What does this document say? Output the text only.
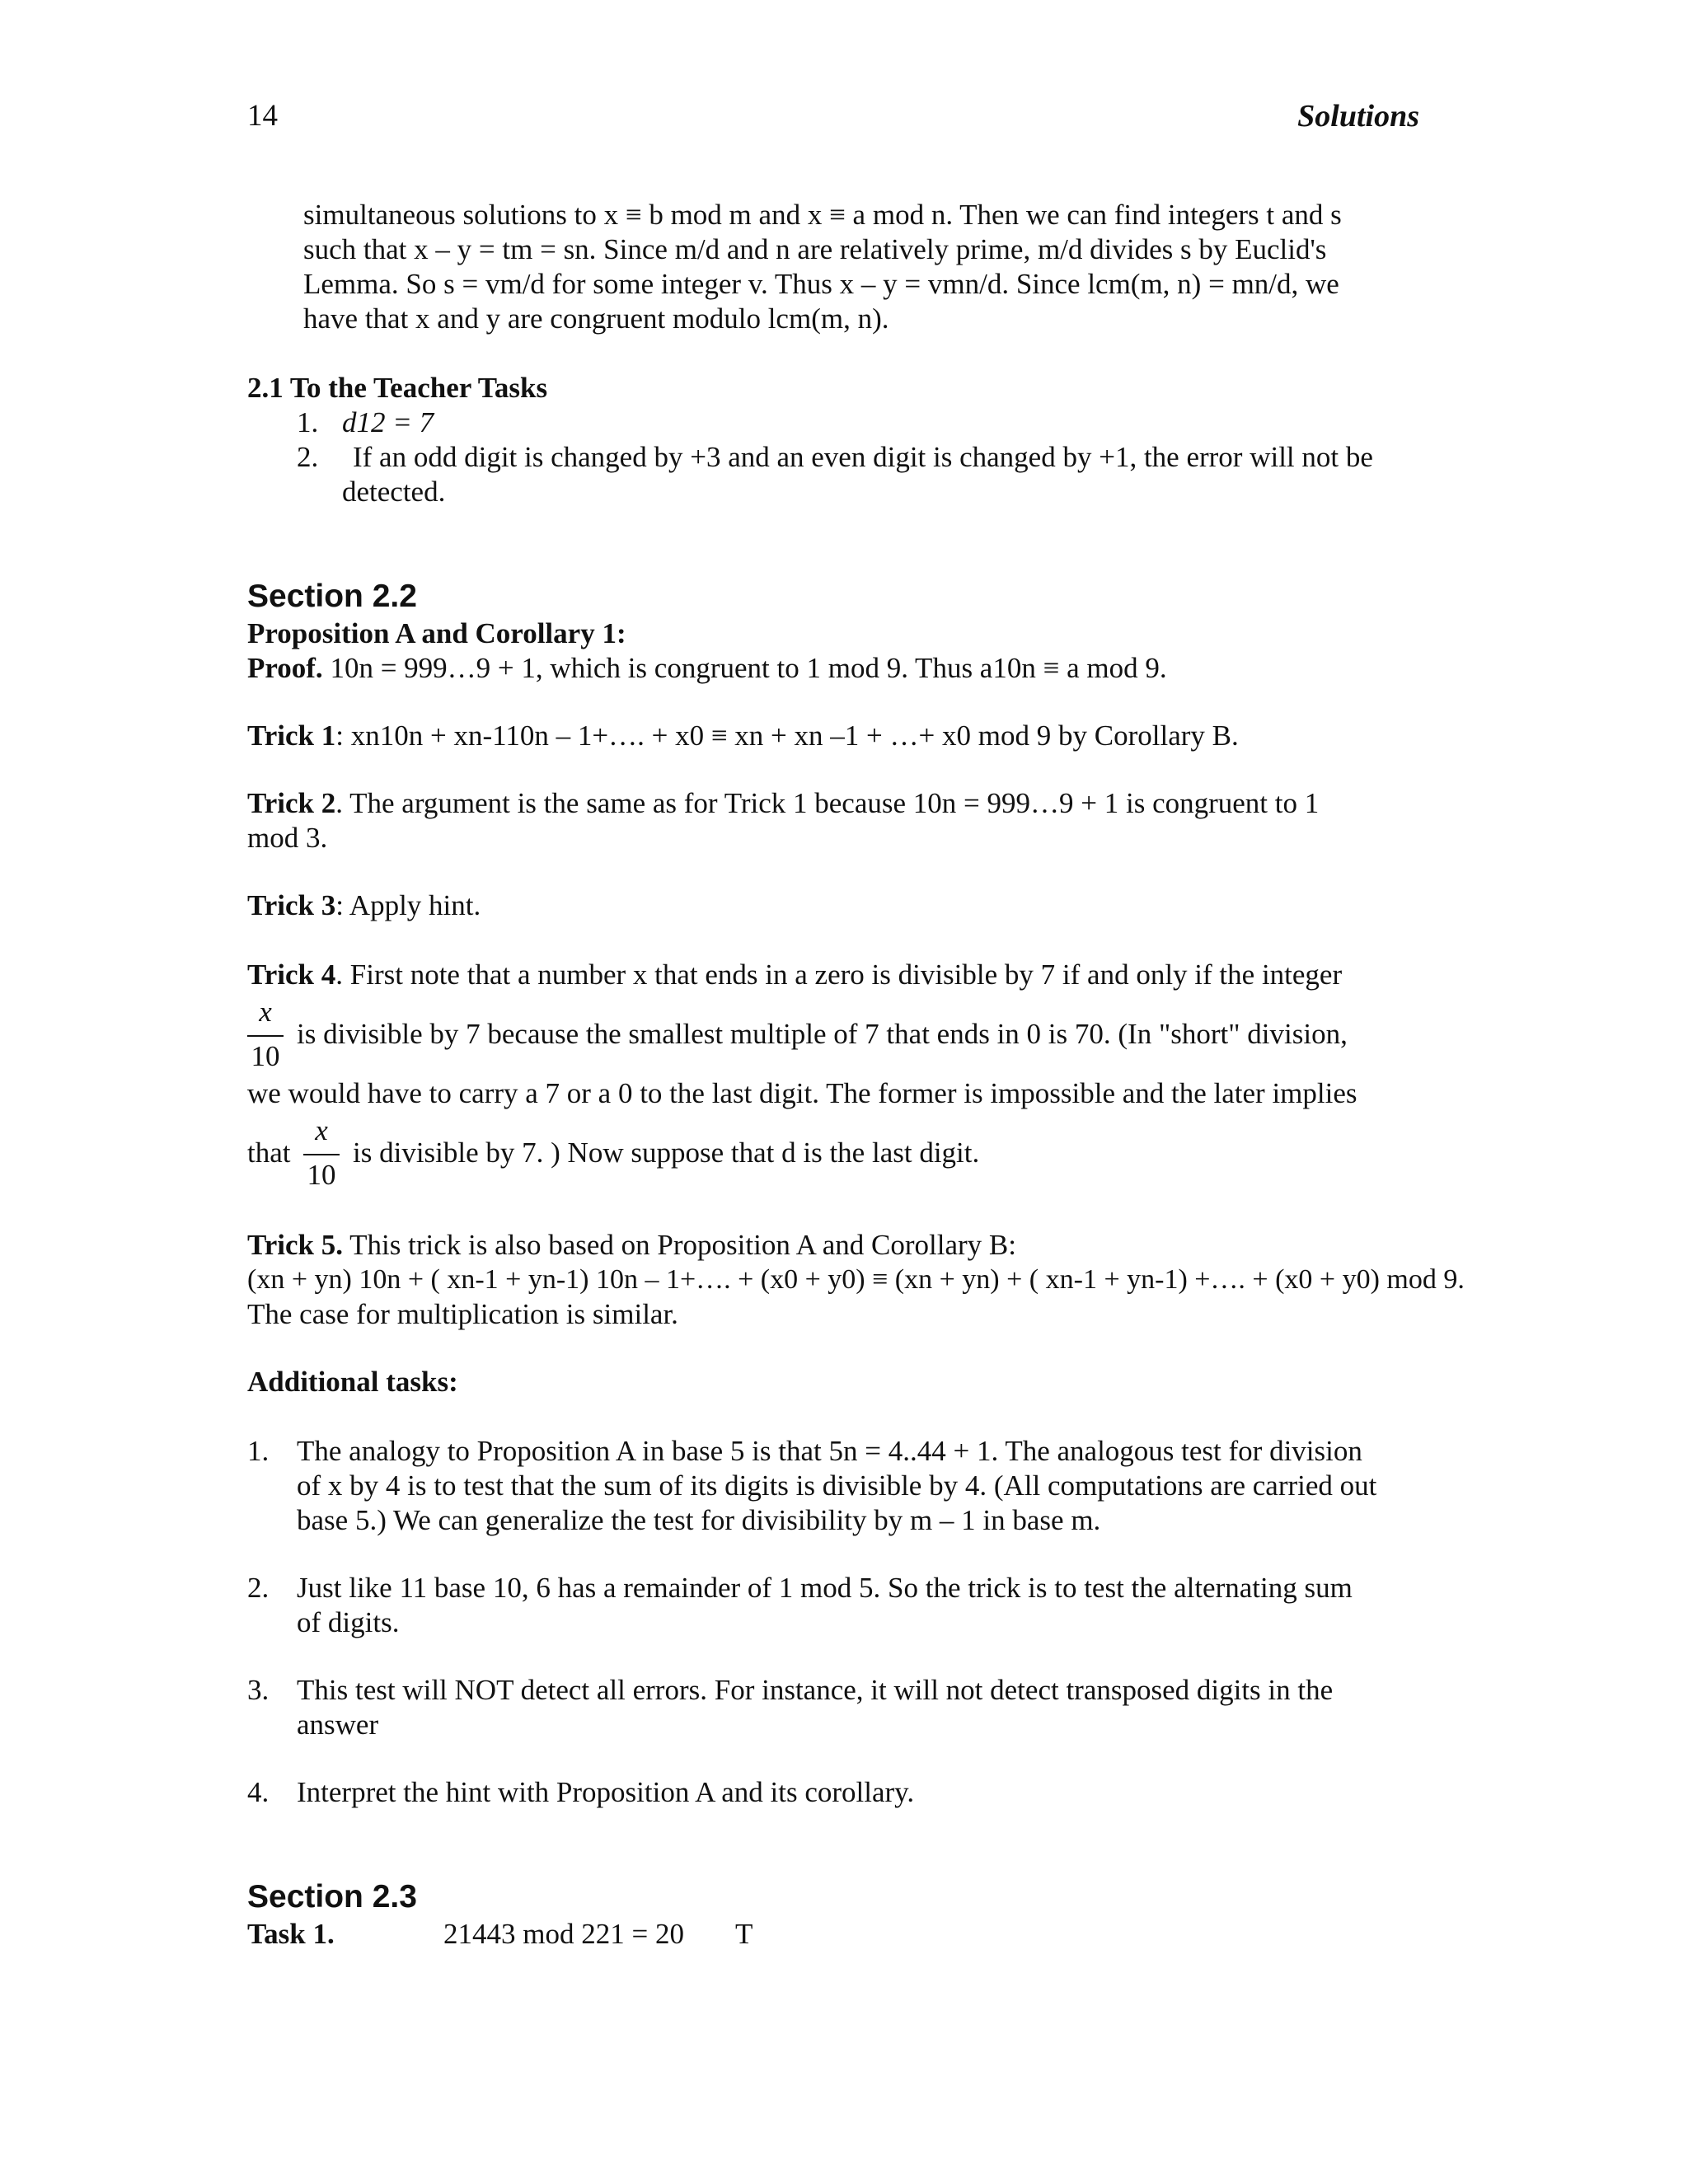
14	Solutions
simultaneous solutions to x ≡ b mod m and x ≡ a mod n. Then we can find integers t and s
such that x – y = tm = sn. Since m/d and n are relatively prime, m/d divides s by Euclid's
Lemma. So s = vm/d for some integer v. Thus x – y = vmn/d. Since lcm(m, n) = mn/d, we
have that x and y are congruent modulo lcm(m, n).
2.1 To the Teacher Tasks
1. d12 = 7
2. If an odd digit is changed by +3 and an even digit is changed by +1, the error will not be
detected.
Section 2.2
Proposition A and Corollary 1:
Proof. 10n = 999…9 + 1, which is congruent to 1 mod 9. Thus a10n ≡ a mod 9.
Trick 1: xn10n + xn-110n – 1+…. + x0 ≡ xn + xn –1 + …+ x0 mod 9 by Corollary B.
Trick 2. The argument is the same as for Trick 1 because 10n = 999…9 + 1 is congruent to 1
mod 3.
Trick 3: Apply hint.
Trick 4. First note that a number x that ends in a zero is divisible by 7 if and only if the integer
x
10
is divisible by 7 because the smallest multiple of 7 that ends in 0 is 70. (In "short" division,
we would have to carry a 7 or a 0 to the last digit. The former is impossible and the later implies
that
x
10
is divisible by 7. ) Now suppose that d is the last digit.
Trick 5. This trick is also based on Proposition A and Corollary B:
(xn + yn) 10n + ( xn-1 + yn-1) 10n – 1+…. + (x0 + y0) ≡ (xn + yn) + ( xn-1 + yn-1) +…. + (x0 + y0) mod 9.
The case for multiplication is similar.
Additional tasks:
1. The analogy to Proposition A in base 5 is that 5n = 4..44 + 1. The analogous test for division
of x by 4 is to test that the sum of its digits is divisible by 4. (All computations are carried out
base 5.) We can generalize the test for divisibility by m – 1 in base m.
2. Just like 11 base 10, 6 has a remainder of 1 mod 5. So the trick is to test the alternating sum
of digits.
3. This test will NOT detect all errors. For instance, it will not detect transposed digits in the
answer
4. Interpret the hint with Proposition A and its corollary.
Section 2.3
Task 1.	21443 mod 221 = 20 T
